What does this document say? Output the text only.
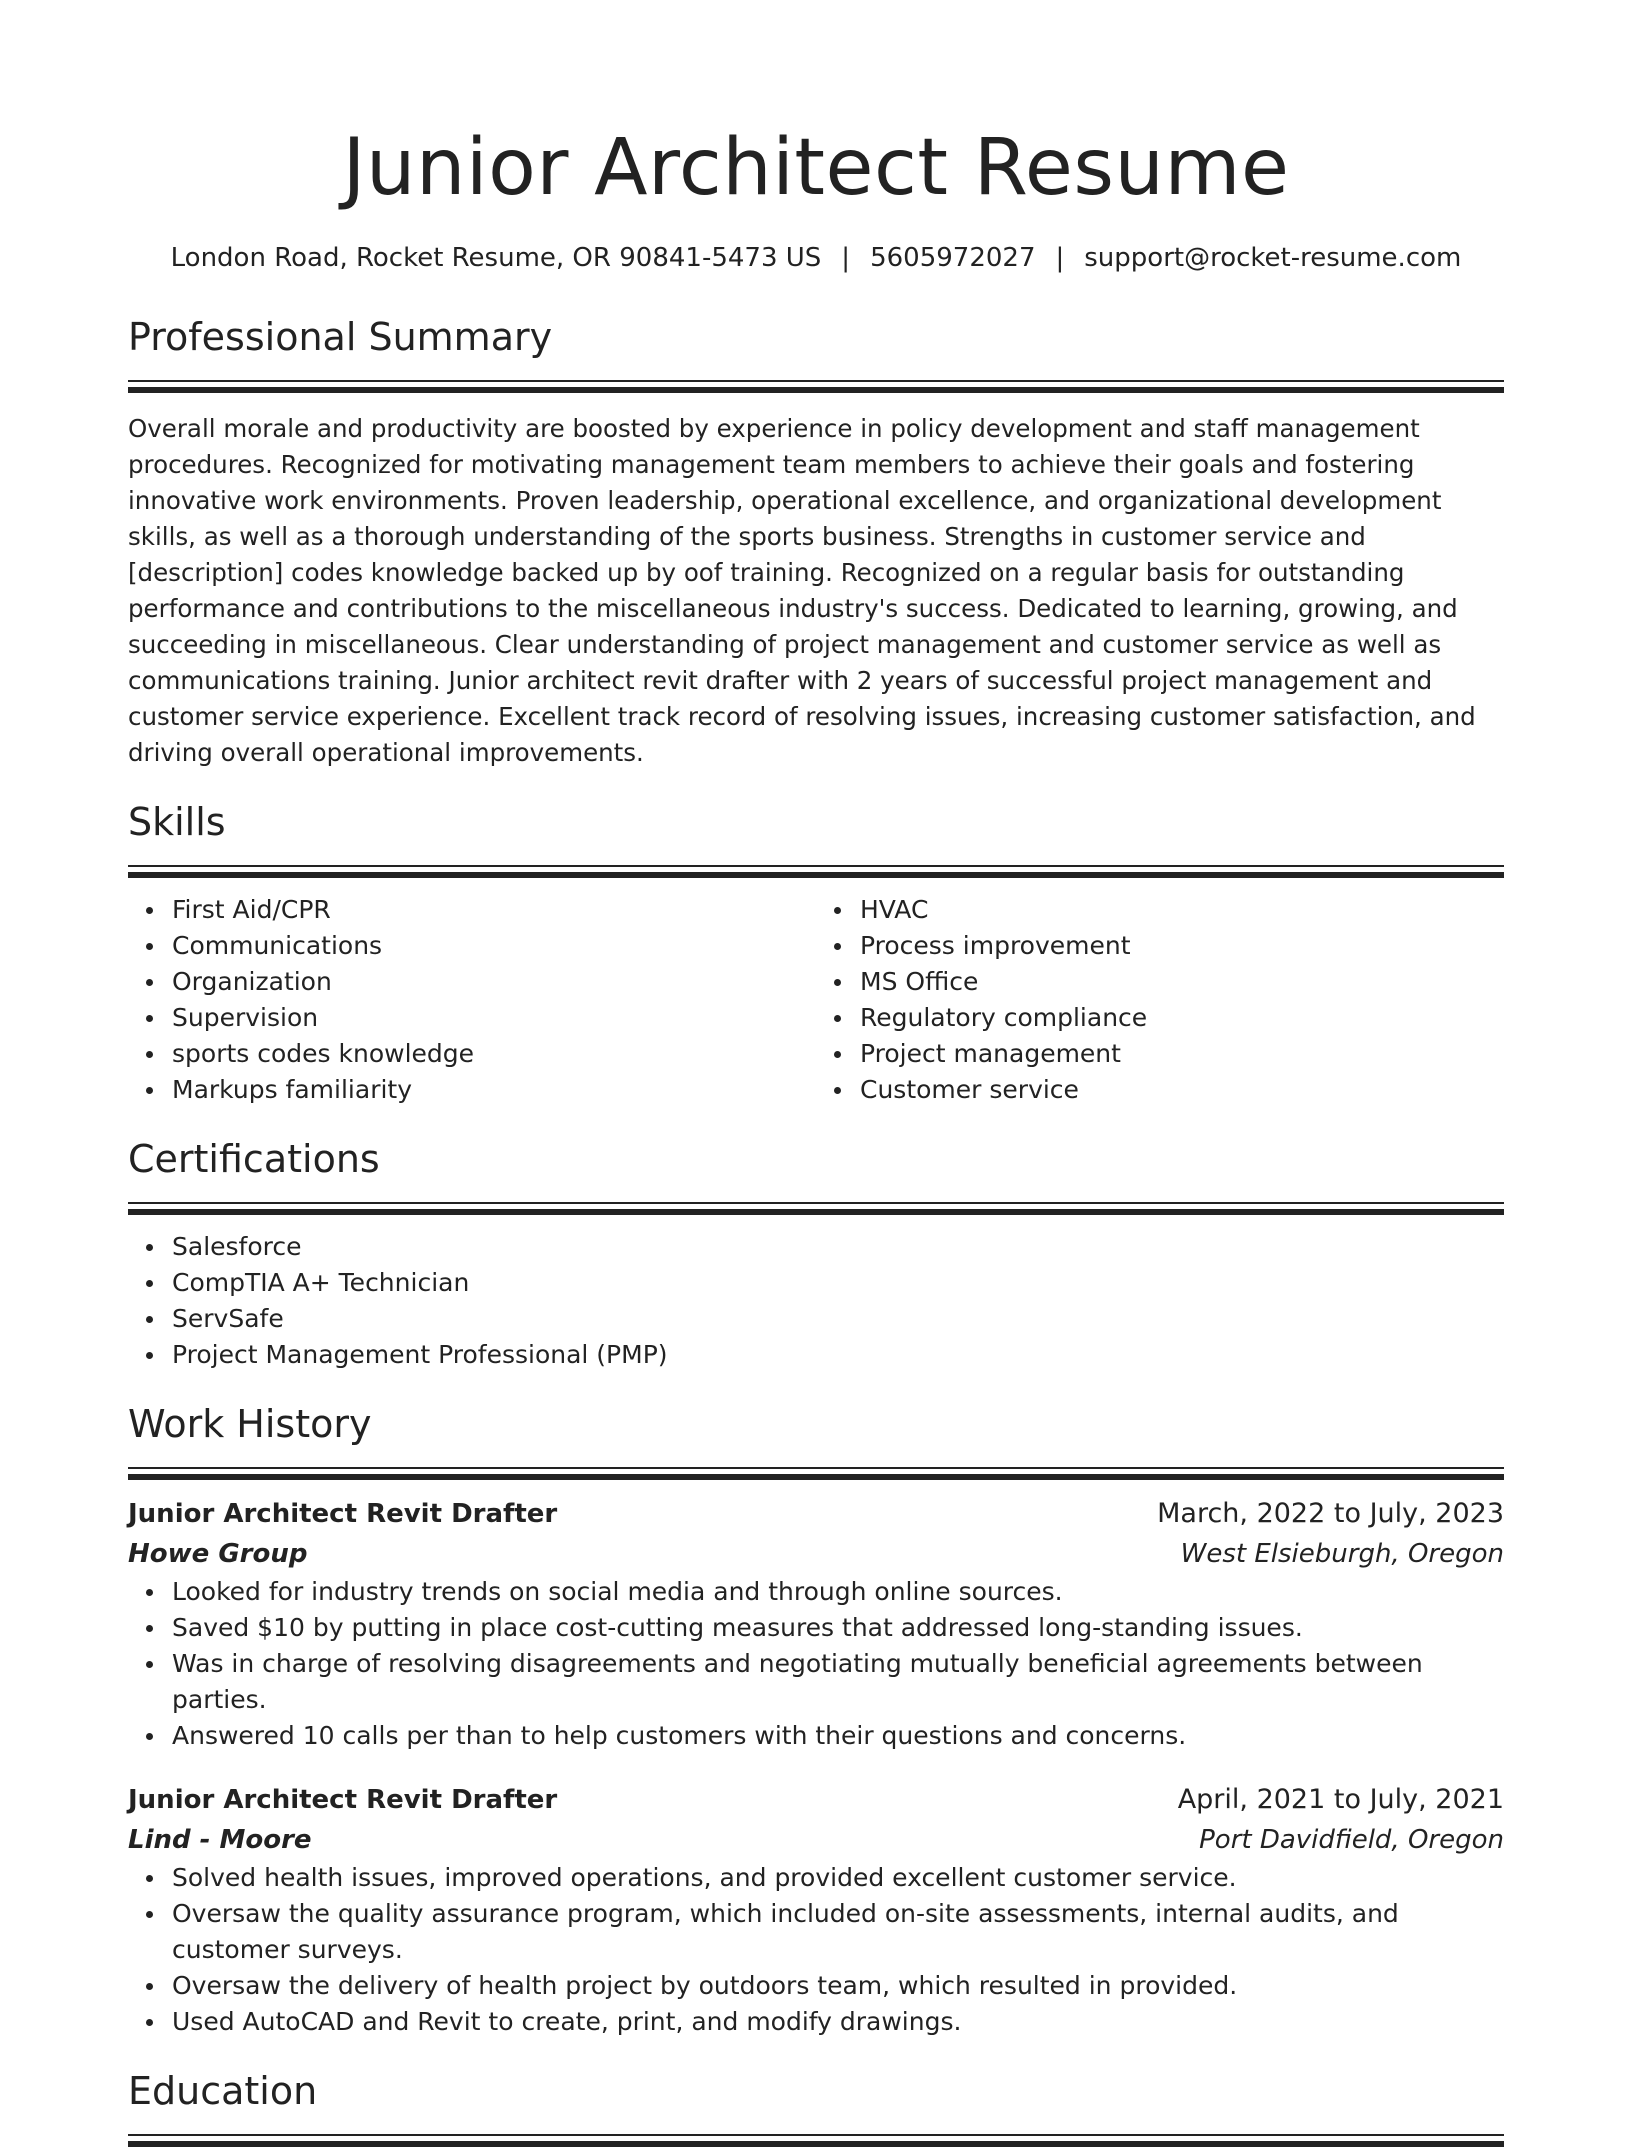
Junior Architect Resume
London Road, Rocket Resume, OR 90841-5473 US | 5605972027 | support@rocket-resume.com
Professional Summary

Overall morale and productivity are boosted by experience in policy development and staff management procedures. Recognized for motivating management team members to achieve their goals and fostering innovative work environments. Proven leadership, operational excellence, and organizational development skills, as well as a thorough understanding of the sports business. Strengths in customer service and [description] codes knowledge backed up by oof training. Recognized on a regular basis for outstanding performance and contributions to the miscellaneous industry's success. Dedicated to learning, growing, and succeeding in miscellaneous. Clear understanding of project management and customer service as well as communications training. Junior architect revit drafter with 2 years of successful project management and customer service experience. Excellent track record of resolving issues, increasing customer satisfaction, and driving overall operational improvements.

Skills
First Aid/CPR
Communications
Organization
Supervision
sports codes knowledge
Markups familiarity
HVAC
Process improvement
MS Office
Regulatory compliance
Project management
Customer service
Certifications
Salesforce
CompTIA A+ Technician
ServSafe
Project Management Professional (PMP)
Work History
Junior Architect Revit Drafter	March, 2022 to July, 2023
Howe Group	West Elsieburgh, Oregon
Looked for industry trends on social media and through online sources.
Saved $10 by putting in place cost-cutting measures that addressed long-standing issues.
Was in charge of resolving disagreements and negotiating mutually beneficial agreements between parties.
Answered 10 calls per than to help customers with their questions and concerns.
Junior Architect Revit Drafter	April, 2021 to July, 2021
Lind - Moore	Port Davidfield, Oregon
Solved health issues, improved operations, and provided excellent customer service.
Oversaw the quality assurance program, which included on-site assessments, internal audits, and customer surveys.
Oversaw the delivery of health project by outdoors team, which resulted in provided.
Used AutoCAD and Revit to create, print, and modify drawings.
Education
